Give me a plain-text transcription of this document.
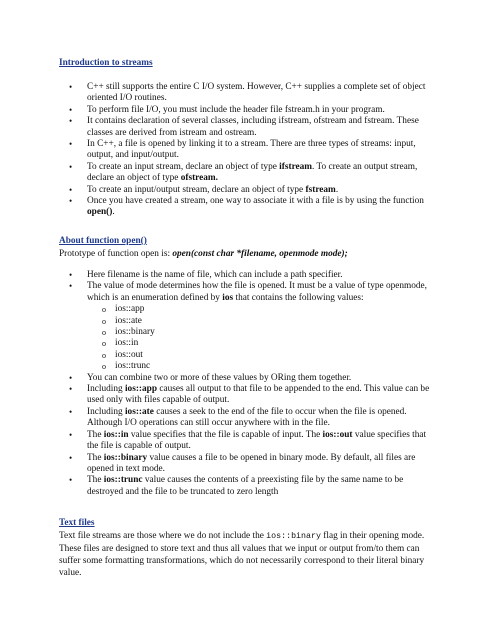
Introduction to streams
• C++ still supports the entire C I/O system. However, C++ supplies a complete set of object oriented I/O routines.
• To perform file I/O, you must include the header file fstream.h in your program.
• It contains declaration of several classes, including ifstream, ofstream and fstream. These classes are derived from istream and ostream.
• In C++, a file is opened by linking it to a stream. There are three types of streams: input, output, and input/output.
• To create an input stream, declare an object of type ifstream. To create an output stream, declare an object of type ofstream.
• To create an input/output stream, declare an object of type fstream.
• Once you have created a stream, one way to associate it with a file is by using the function open().
About function open()
Prototype of function open is: open(const char *filename, openmode mode);
• Here filename is the name of file, which can include a path specifier.
• The value of mode determines how the file is opened. It must be a value of type openmode, which is an enumeration defined by ios that contains the following values:
o ios::app
o ios::ate
o ios::binary
o ios::in
o ios::out
o ios::trunc
• You can combine two or more of these values by ORing them together.
• Including ios::app causes all output to that file to be appended to the end. This value can be used only with files capable of output.
• Including ios::ate causes a seek to the end of the file to occur when the file is opened. Although I/O operations can still occur anywhere with in the file.
• The ios::in value specifies that the file is capable of input. The ios::out value specifies that the file is capable of output.
• The ios::binary value causes a file to be opened in binary mode. By default, all files are opened in text mode.
• The ios::trunc value causes the contents of a preexisting file by the same name to be destroyed and the file to be truncated to zero length
Text files
Text file streams are those where we do not include the ios::binary flag in their opening mode. These files are designed to store text and thus all values that we input or output from/to them can suffer some formatting transformations, which do not necessarily correspond to their literal binary value.
